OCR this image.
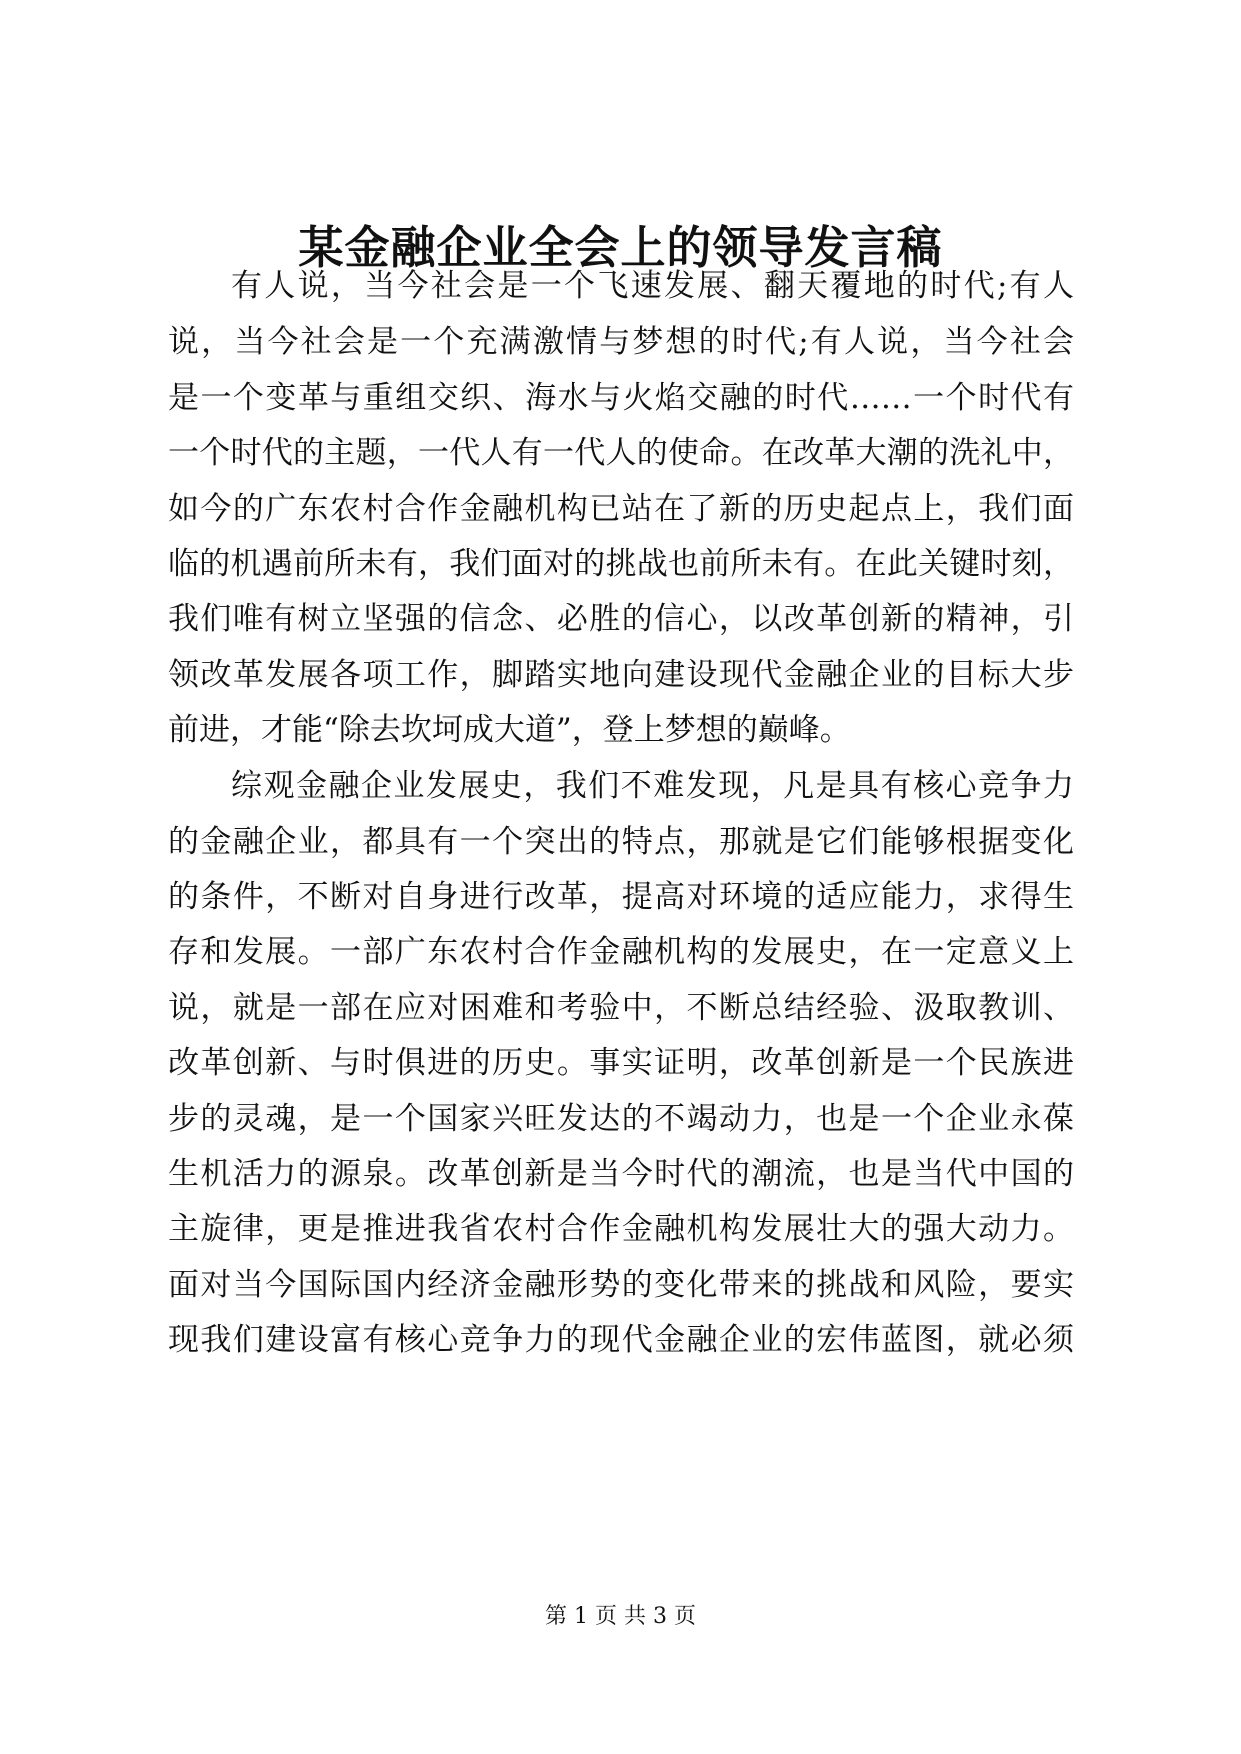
某金融企业全会上的领导发言稿
有人说，当今社会是一个飞速发展、翻天覆地的时代;有人
说，当今社会是一个充满激情与梦想的时代;有人说，当今社会
是一个变革与重组交织、海水与火焰交融的时代……一个时代有
一个时代的主题，一代人有一代人的使命。在改革大潮的洗礼中，
如今的广东农村合作金融机构已站在了新的历史起点上，我们面
临的机遇前所未有，我们面对的挑战也前所未有。在此关键时刻，
我们唯有树立坚强的信念、必胜的信心，以改革创新的精神，引
领改革发展各项工作，脚踏实地向建设现代金融企业的目标大步
前进，才能“除去坎坷成大道”，登上梦想的巅峰。
综观金融企业发展史，我们不难发现，凡是具有核心竞争力
的金融企业，都具有一个突出的特点，那就是它们能够根据变化
的条件，不断对自身进行改革，提高对环境的适应能力，求得生
存和发展。一部广东农村合作金融机构的发展史，在一定意义上
说，就是一部在应对困难和考验中，不断总结经验、汲取教训、
改革创新、与时俱进的历史。事实证明，改革创新是一个民族进
步的灵魂，是一个国家兴旺发达的不竭动力，也是一个企业永葆
生机活力的源泉。改革创新是当今时代的潮流，也是当代中国的
主旋律，更是推进我省农村合作金融机构发展壮大的强大动力。
面对当今国际国内经济金融形势的变化带来的挑战和风险，要实
现我们建设富有核心竞争力的现代金融企业的宏伟蓝图，就必须
第 1 页 共 3 页
